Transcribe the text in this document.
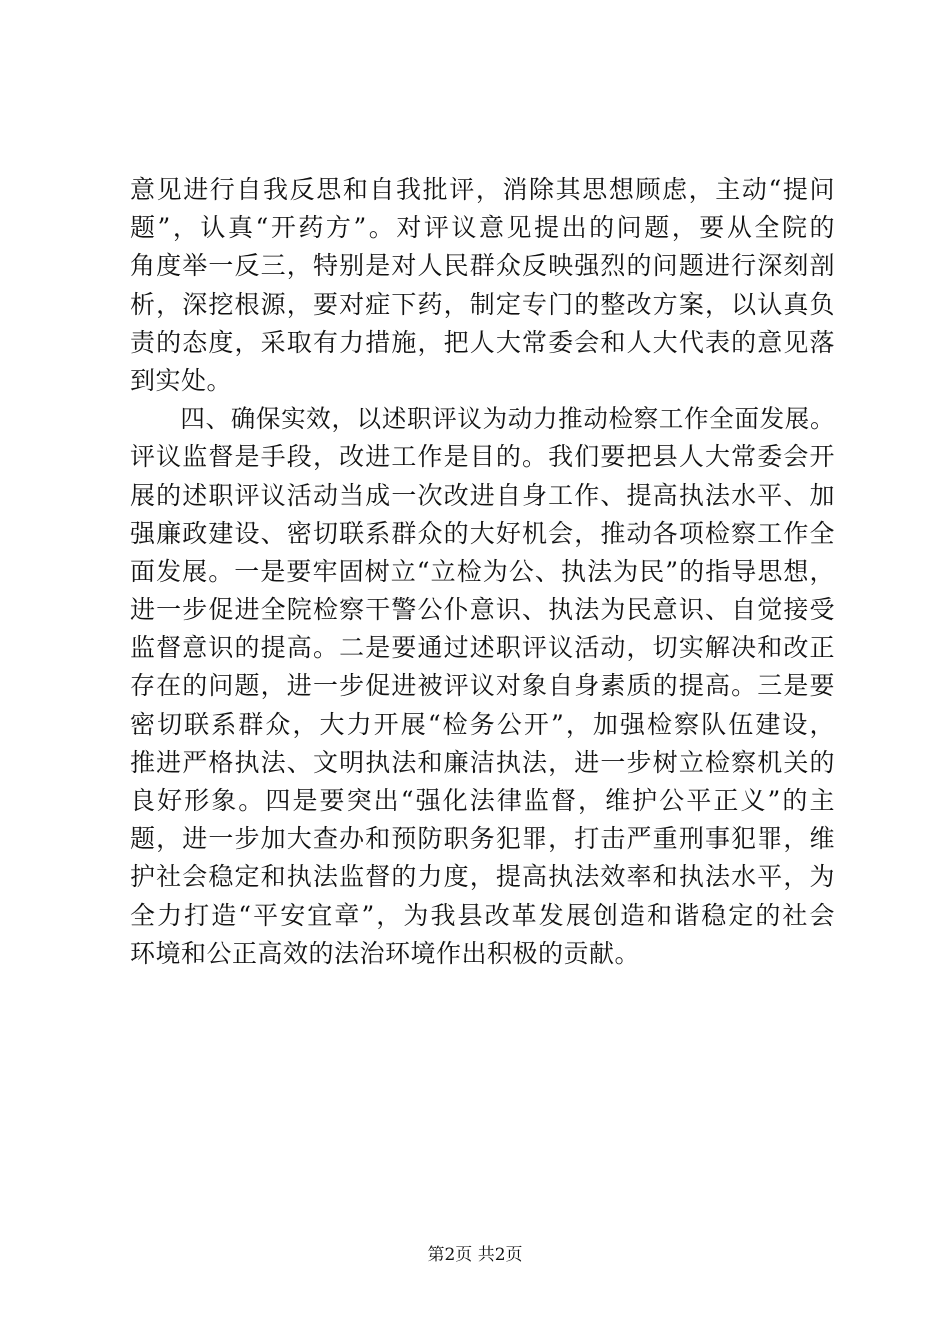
意见进行自我反思和自我批评，消除其思想顾虑，主动“提问
题”，认真“开药方”。对评议意见提出的问题，要从全院的
角度举一反三，特别是对人民群众反映强烈的问题进行深刻剖
析，深挖根源，要对症下药，制定专门的整改方案，以认真负
责的态度，采取有力措施，把人大常委会和人大代表的意见落
到实处。
　　四、确保实效，以述职评议为动力推动检察工作全面发展。
评议监督是手段，改进工作是目的。我们要把县人大常委会开
展的述职评议活动当成一次改进自身工作、提高执法水平、加
强廉政建设、密切联系群众的大好机会，推动各项检察工作全
面发展。一是要牢固树立“立检为公、执法为民”的指导思想，
进一步促进全院检察干警公仆意识、执法为民意识、自觉接受
监督意识的提高。二是要通过述职评议活动，切实解决和改正
存在的问题，进一步促进被评议对象自身素质的提高。三是要
密切联系群众，大力开展“检务公开”，加强检察队伍建设，
推进严格执法、文明执法和廉洁执法，进一步树立检察机关的
良好形象。四是要突出“强化法律监督，维护公平正义”的主
题，进一步加大查办和预防职务犯罪，打击严重刑事犯罪，维
护社会稳定和执法监督的力度，提高执法效率和执法水平，为
全力打造“平安宜章”，为我县改革发展创造和谐稳定的社会
环境和公正高效的法治环境作出积极的贡献。
第2页 共2页
